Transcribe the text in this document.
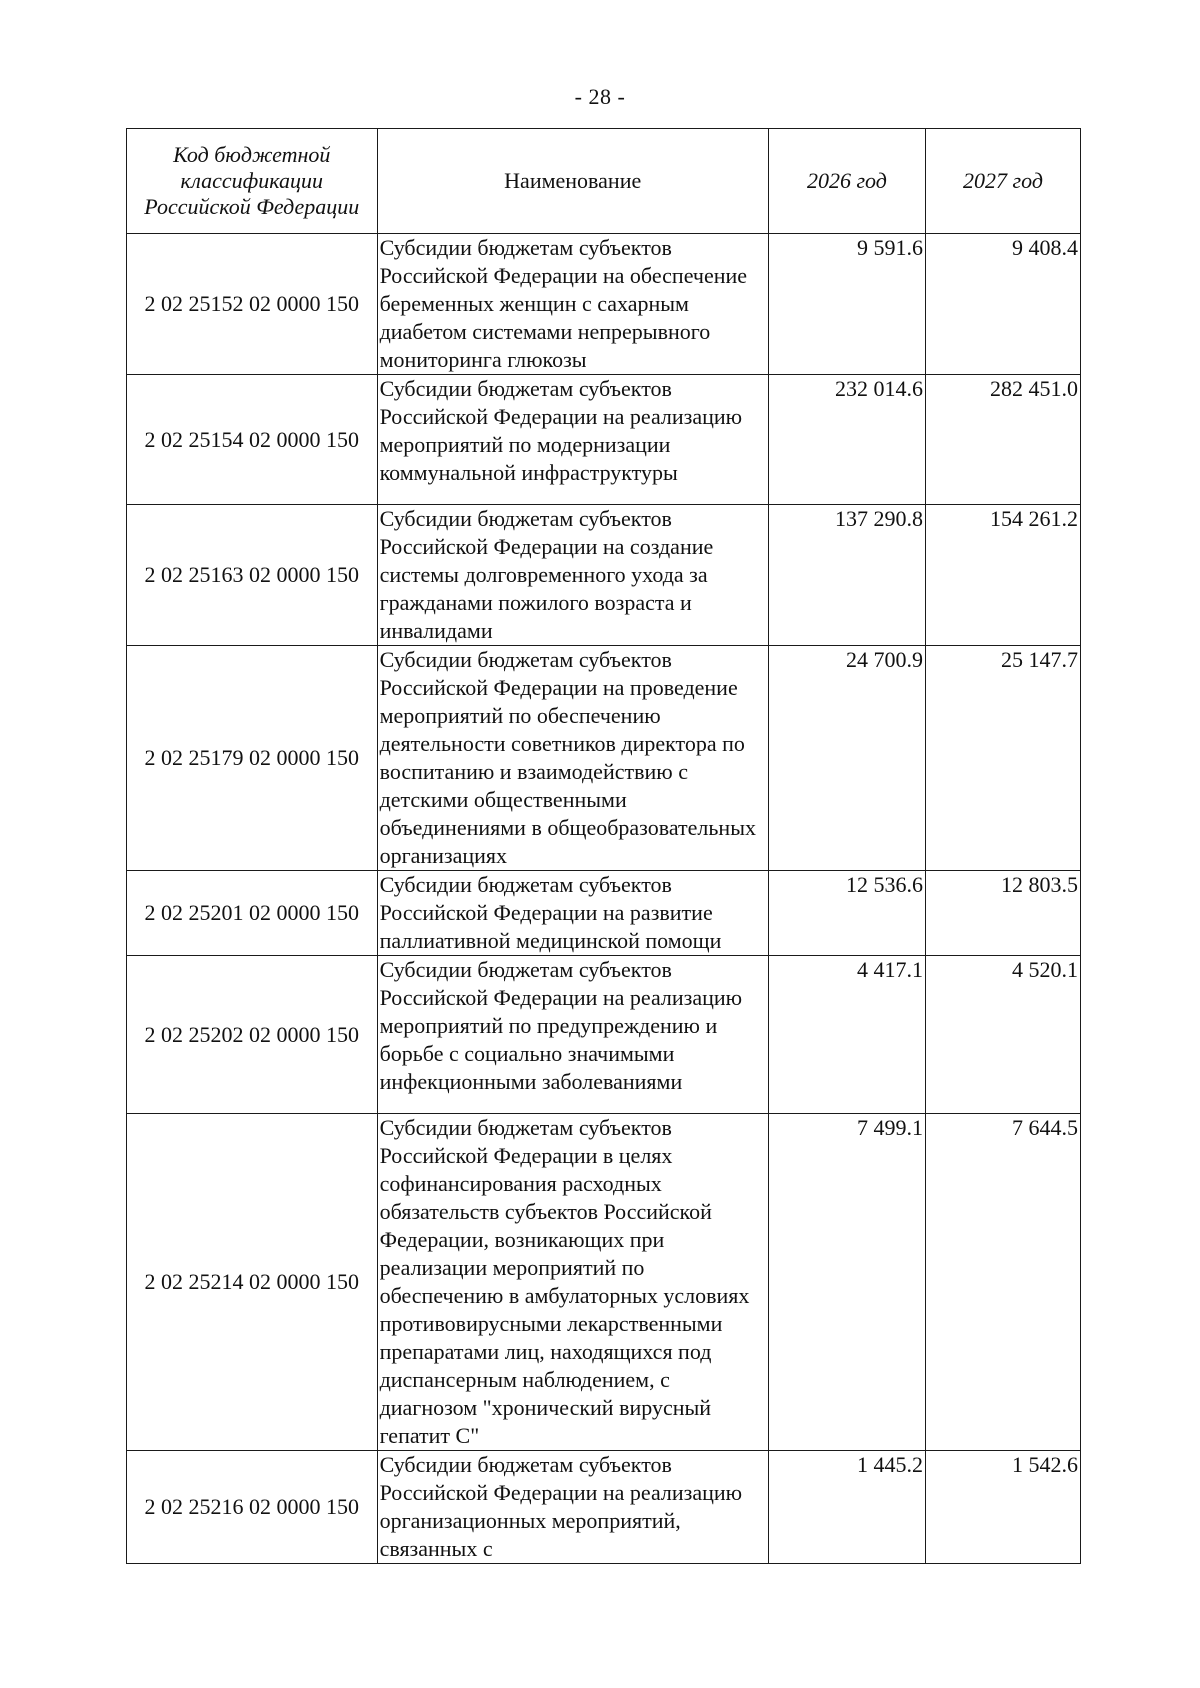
- 28 -
Код бюджетной
классификации
Российской Федерации	Наименование	2026 год	2027 год
2 02 25152 02 0000 150	Субсидии бюджетам субъектов Российской Федерации на обеспечение беременных женщин с сахарным диабетом системами непрерывного мониторинга глюкозы	9 591.6	9 408.4
2 02 25154 02 0000 150	Субсидии бюджетам субъектов Российской Федерации на реализацию мероприятий по модернизации коммунальной инфраструктуры	232 014.6	282 451.0
2 02 25163 02 0000 150	Субсидии бюджетам субъектов Российской Федерации на создание системы долговременного ухода за гражданами пожилого возраста и инвалидами	137 290.8	154 261.2
2 02 25179 02 0000 150	Субсидии бюджетам субъектов Российской Федерации на проведение мероприятий по обеспечению деятельности советников директора по воспитанию и взаимодействию с детскими общественными объединениями в общеобразовательных организациях	24 700.9	25 147.7
2 02 25201 02 0000 150	Субсидии бюджетам субъектов Российской Федерации на развитие паллиативной медицинской помощи	12 536.6	12 803.5
2 02 25202 02 0000 150	Субсидии бюджетам субъектов Российской Федерации на реализацию мероприятий по предупреждению и борьбе с социально значимыми инфекционными заболеваниями	4 417.1	4 520.1
2 02 25214 02 0000 150	Субсидии бюджетам субъектов Российской Федерации в целях софинансирования расходных обязательств субъектов Российской Федерации, возникающих при реализации мероприятий по обеспечению в амбулаторных условиях противовирусными лекарственными препаратами лиц, находящихся под диспансерным наблюдением, с диагнозом "хронический вирусный гепатит С"	7 499.1	7 644.5
2 02 25216 02 0000 150	Субсидии бюджетам субъектов Российской Федерации на реализацию организационных мероприятий, связанных с	1 445.2	1 542.6
